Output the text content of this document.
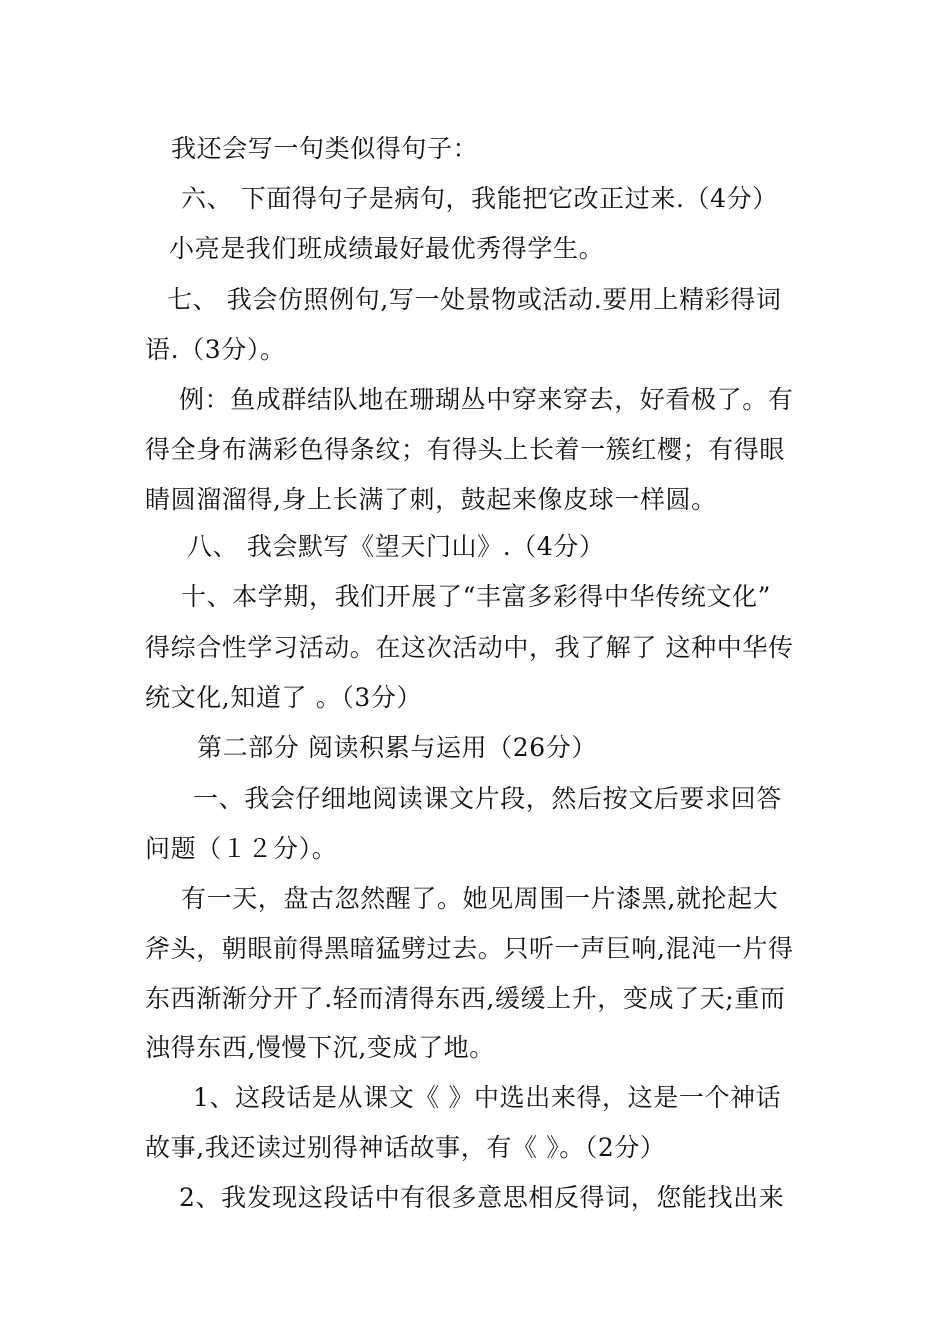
我还会写一句类似得句子：
六、 下面得句子是病句，我能把它改正过来.（4分）
小亮是我们班成绩最好最优秀得学生。
七、 我会仿照例句,写一处景物或活动.要用上精彩得词
语.（3分）。
例：鱼成群结队地在珊瑚丛中穿来穿去，好看极了。有
得全身布满彩色得条纹；有得头上长着一簇红樱；有得眼
睛圆溜溜得,身上长满了刺，鼓起来像皮球一样圆。
八、 我会默写《望天门山》.（4分）
十、本学期，我们开展了“丰富多彩得中华传统文化”
得综合性学习活动。在这次活动中，我了解了 这种中华传
统文化,知道了 。（3分）
第二部分 阅读积累与运用（26分）
一、我会仔细地阅读课文片段，然后按文后要求回答
问题（１２分）。
有一天，盘古忽然醒了。她见周围一片漆黑,就抡起大
斧头，朝眼前得黑暗猛劈过去。只听一声巨响,混沌一片得
东西渐渐分开了.轻而清得东西,缓缓上升，变成了天;重而
浊得东西,慢慢下沉,变成了地。
1、这段话是从课文《 》中选出来得，这是一个神话
故事,我还读过别得神话故事，有《 》。（2分）
2、我发现这段话中有很多意思相反得词，您能找出来
